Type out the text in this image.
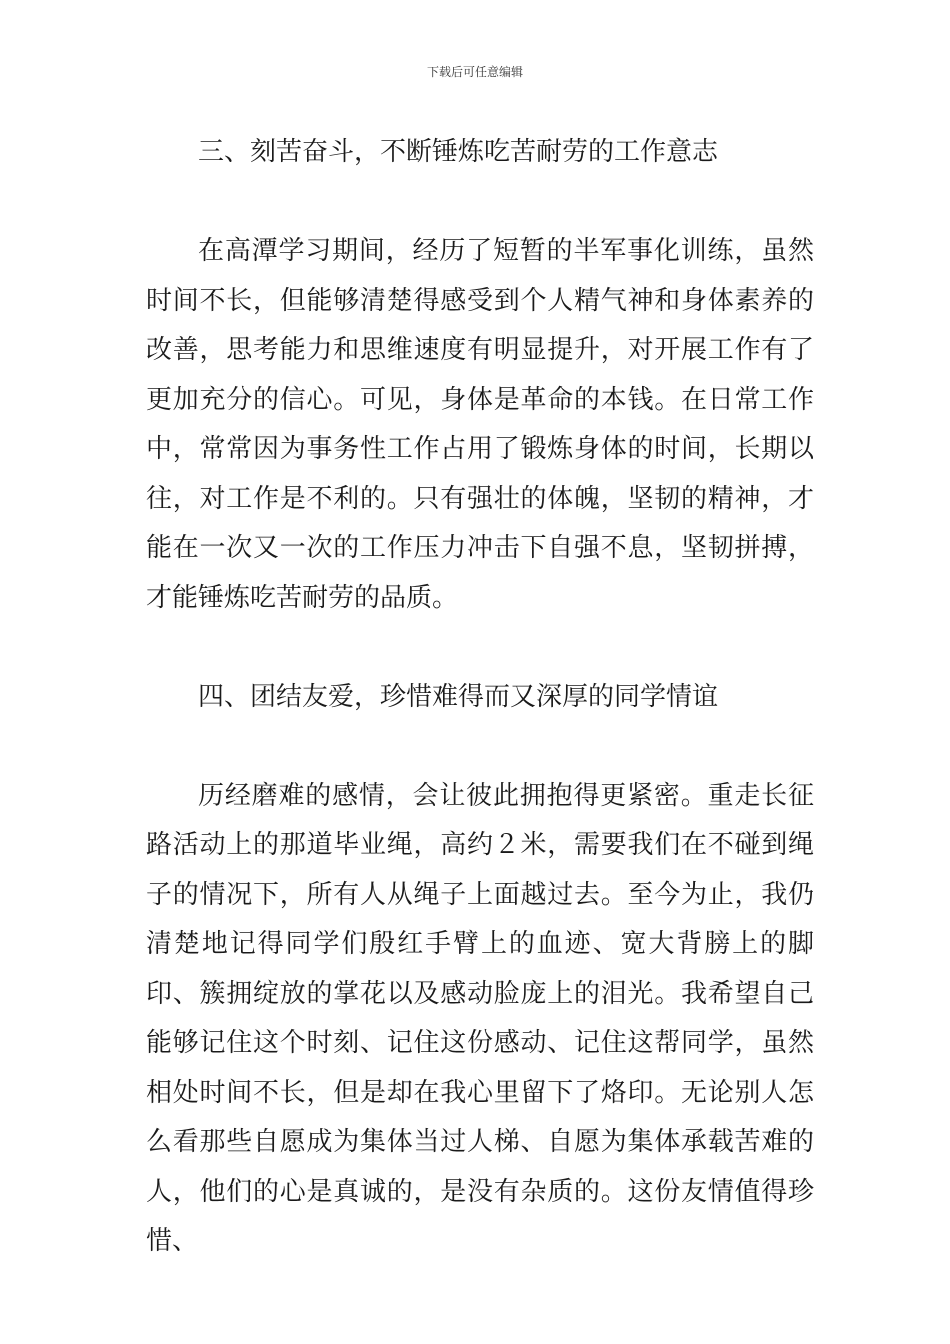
下载后可任意编辑
三、刻苦奋斗，不断锤炼吃苦耐劳的工作意志

在高潭学习期间，经历了短暂的半军事化训练，虽然时间不长，但能够清楚得感受到个人精气神和身体素养的改善，思考能力和思维速度有明显提升，对开展工作有了更加充分的信心。可见，身体是革命的本钱。在日常工作中，常常因为事务性工作占用了锻炼身体的时间，长期以往，对工作是不利的。只有强壮的体魄，坚韧的精神，才能在一次又一次的工作压力冲击下自强不息，坚韧拼搏，才能锤炼吃苦耐劳的品质。

四、团结友爱，珍惜难得而又深厚的同学情谊

历经磨难的感情，会让彼此拥抱得更紧密。重走长征路活动上的那道毕业绳，高约２米，需要我们在不碰到绳子的情况下，所有人从绳子上面越过去。至今为止，我仍清楚地记得同学们殷红手臂上的血迹、宽大背膀上的脚印、簇拥绽放的掌花以及感动脸庞上的泪光。我希望自己能够记住这个时刻、记住这份感动、记住这帮同学，虽然相处时间不长，但是却在我心里留下了烙印。无论别人怎么看那些自愿成为集体当过人梯、自愿为集体承载苦难的人，他们的心是真诚的，是没有杂质的。这份友情值得珍惜、
